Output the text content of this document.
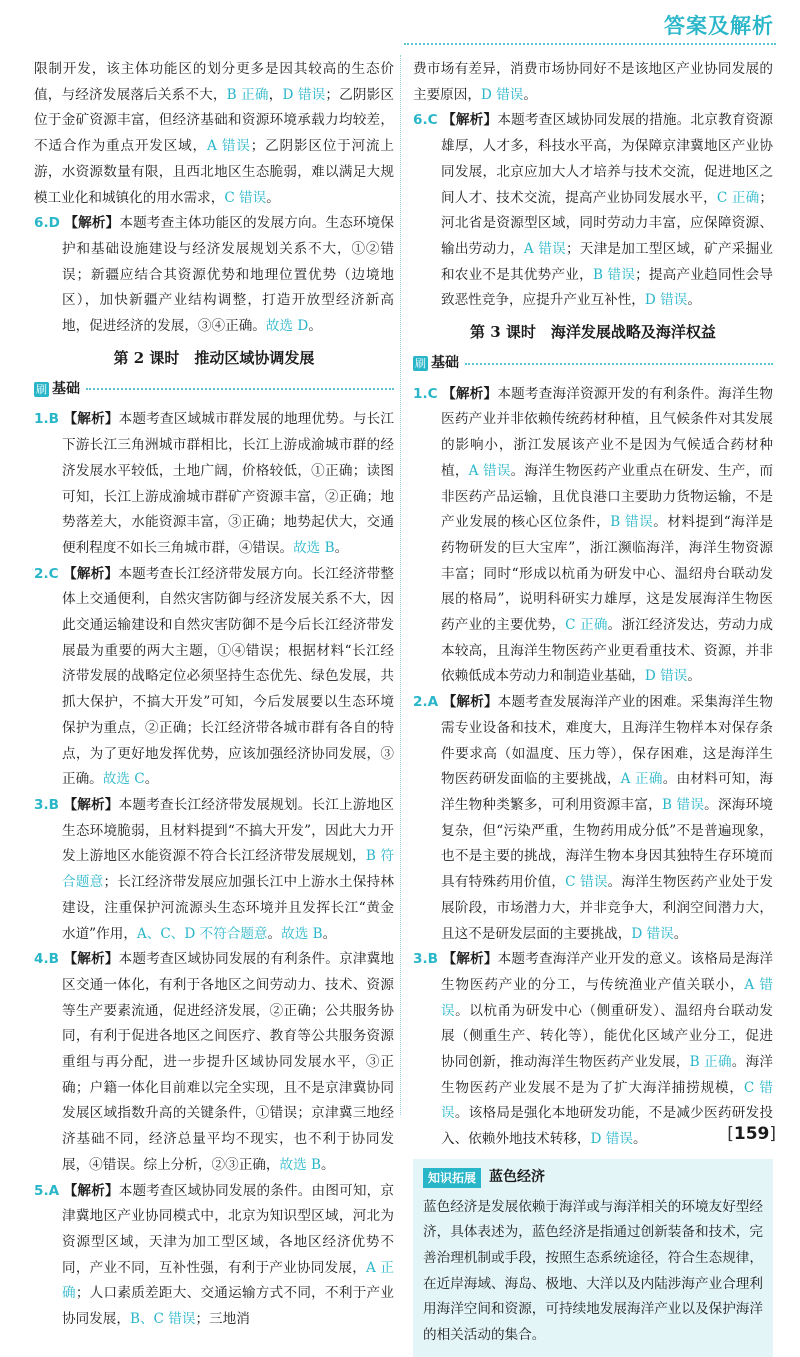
答案及解析

限制开发，该主体功能区的划分更多是因其较高的生态价值，与经济发展落后关系不大，B 正确，D 错误；乙阴影区位于金矿资源丰富，但经济基础和资源环境承载力均较差，不适合作为重点开发区域，A 错误；乙阴影区位于河流上游，水资源数量有限，且西北地区生态脆弱，难以满足大规模工业化和城镇化的用水需求，C 错误。

6.D 【解析】本题考查主体功能区的发展方向。生态环境保护和基础设施建设与经济发展规划关系不大，①②错误；新疆应结合其资源优势和地理位置优势（边境地区），加快新疆产业结构调整，打造开放型经济新高地，促进经济的发展，③④正确。故选 D。

第 2 课时　推动区域协调发展
刷 基础

1.B 【解析】本题考查区域城市群发展的地理优势。与长江下游长江三角洲城市群相比，长江上游成渝城市群的经济发展水平较低，土地广阔，价格较低，①正确；读图可知，长江上游成渝城市群矿产资源丰富，②正确；地势落差大，水能资源丰富，③正确；地势起伏大，交通便利程度不如长三角城市群，④错误。故选 B。

2.C 【解析】本题考查长江经济带发展方向。长江经济带整体上交通便利，自然灾害防御与经济发展关系不大，因此交通运输建设和自然灾害防御不是今后长江经济带发展最为重要的两大主题，①④错误；根据材料“长江经济带发展的战略定位必须坚持生态优先、绿色发展，共抓大保护，不搞大开发”可知，今后发展要以生态环境保护为重点，②正确；长江经济带各城市群有各自的特点，为了更好地发挥优势，应该加强经济协同发展，③正确。故选 C。

3.B 【解析】本题考查长江经济带发展规划。长江上游地区生态环境脆弱，且材料提到“不搞大开发”，因此大力开发上游地区水能资源不符合长江经济带发展规划，B 符合题意；长江经济带发展应加强长江中上游水土保持林建设，注重保护河流源头生态环境并且发挥长江“黄金水道”作用，A、C、D 不符合题意。故选 B。

4.B 【解析】本题考查区域协同发展的有利条件。京津冀地区交通一体化，有利于各地区之间劳动力、技术、资源等生产要素流通，促进经济发展，②正确；公共服务协同，有利于促进各地区之间医疗、教育等公共服务资源重组与再分配，进一步提升区域协同发展水平，③正确；户籍一体化目前难以完全实现，且不是京津冀协同发展区域指数升高的关键条件，①错误；京津冀三地经济基础不同，经济总量平均不现实，也不利于协同发展，④错误。综上分析，②③正确，故选 B。

5.A 【解析】本题考查区域协同发展的条件。由图可知，京津冀地区产业协同模式中，北京为知识型区域，河北为资源型区域，天津为加工型区域，各地区经济优势不同，产业不同，互补性强，有利于产业协同发展，A 正确；人口素质差距大、交通运输方式不同，不利于产业协同发展，B、C 错误；三地消

费市场有差异，消费市场协同好不是该地区产业协同发展的主要原因，D 错误。

6.C 【解析】本题考查区域协同发展的措施。北京教育资源雄厚，人才多，科技水平高，为保障京津冀地区产业协同发展，北京应加大人才培养与技术交流，促进地区之间人才、技术交流，提高产业协同发展水平，C 正确；河北省是资源型区域，同时劳动力丰富，应保障资源、输出劳动力，A 错误；天津是加工型区域，矿产采掘业和农业不是其优势产业，B 错误；提高产业趋同性会导致恶性竞争，应提升产业互补性，D 错误。

第 3 课时　海洋发展战略及海洋权益
刷 基础

1.C 【解析】本题考查海洋资源开发的有利条件。海洋生物医药产业并非依赖传统药材种植，且气候条件对其发展的影响小，浙江发展该产业不是因为气候适合药材种植，A 错误。海洋生物医药产业重点在研发、生产，而非医药产品运输，且优良港口主要助力货物运输，不是产业发展的核心区位条件，B 错误。材料提到“海洋是药物研发的巨大宝库”，浙江濒临海洋，海洋生物资源丰富；同时“形成以杭甬为研发中心、温绍舟台联动发展的格局”，说明科研实力雄厚，这是发展海洋生物医药产业的主要优势，C 正确。浙江经济发达，劳动力成本较高，且海洋生物医药产业更看重技术、资源，并非依赖低成本劳动力和制造业基础，D 错误。

2.A 【解析】本题考查发展海洋产业的困难。采集海洋生物需专业设备和技术，难度大，且海洋生物样本对保存条件要求高（如温度、压力等），保存困难，这是海洋生物医药研发面临的主要挑战，A 正确。由材料可知，海洋生物种类繁多，可利用资源丰富，B 错误。深海环境复杂，但“污染严重，生物药用成分低”不是普遍现象，也不是主要的挑战，海洋生物本身因其独特生存环境而具有特殊药用价值，C 错误。海洋生物医药产业处于发展阶段，市场潜力大，并非竞争大，利润空间潜力大，且这不是研发层面的主要挑战，D 错误。

3.B 【解析】本题考查海洋产业开发的意义。该格局是海洋生物医药产业的分工，与传统渔业产值关联小，A 错误。以杭甬为研发中心（侧重研发）、温绍舟台联动发展（侧重生产、转化等），能优化区域产业分工，促进协同创新，推动海洋生物医药产业发展，B 正确。海洋生物医药产业发展不是为了扩大海洋捕捞规模，C 错误。该格局是强化本地研发功能，不是减少医药研发投入、依赖外地技术转移，D 错误。

知识拓展 蓝色经济

蓝色经济是发展依赖于海洋或与海洋相关的环境友好型经济，具体表述为，蓝色经济是指通过创新装备和技术，完善治理机制或手段，按照生态系统途径，符合生态规律，在近岸海域、海岛、极地、大洋以及内陆涉海产业合理利用海洋空间和资源，可持续地发展海洋产业以及保护海洋的相关活动的集合。

[159]
